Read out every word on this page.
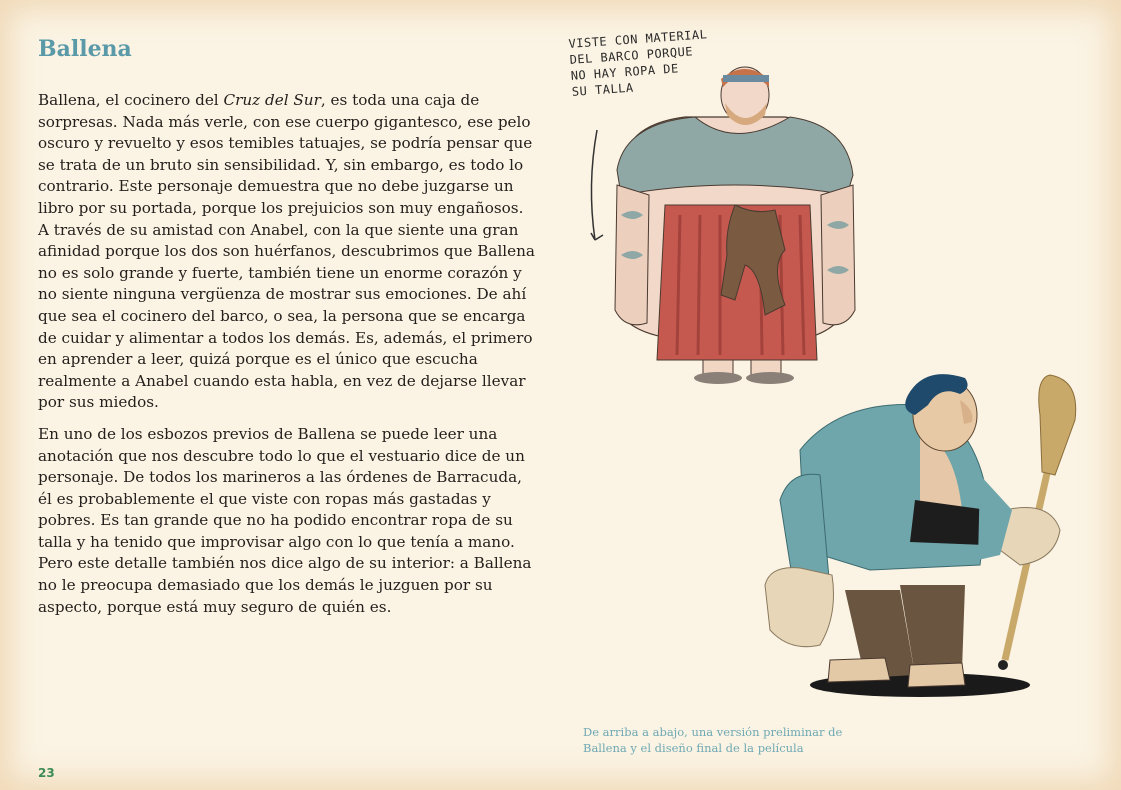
Ballena

Ballena, el cocinero del Cruz del Sur, es toda una caja de sorpresas. Nada más verle, con ese cuerpo gigantesco, ese pelo oscuro y revuelto y esos temibles tatuajes, se podría pensar que se trata de un bruto sin sensibilidad. Y, sin embargo, es todo lo contrario. Este personaje demuestra que no debe juzgarse un libro por su portada, porque los prejuicios son muy engañosos. A través de su amistad con Anabel, con la que siente una gran afinidad porque los dos son huérfanos, descubrimos que Ballena no es solo grande y fuerte, también tiene un enorme corazón y no siente ninguna vergüenza de mostrar sus emociones. De ahí que sea el cocinero del barco, o sea, la persona que se encarga de cuidar y alimentar a todos los demás. Es, además, el primero en aprender a leer, quizá porque es el único que escucha realmente a Anabel cuando esta habla, en vez de dejarse llevar por sus miedos.

En uno de los esbozos previos de Ballena se puede leer una anotación que nos descubre todo lo que el vestuario dice de un personaje. De todos los marineros a las órdenes de Barracuda, él es probablemente el que viste con ropas más gastadas y pobres. Es tan grande que no ha podido encontrar ropa de su talla y ha tenido que improvisar algo con lo que tenía a mano. Pero este detalle también nos dice algo de su interior: a Ballena no le preocupa demasiado que los demás le juzguen por su aspecto, porque está muy seguro de quién es.

VISTE CON MATERIAL
DEL BARCO PORQUE
NO HAY ROPA DE
SU TALLA
De arriba a abajo, una versión preliminar de Ballena y el diseño final de la película
23
